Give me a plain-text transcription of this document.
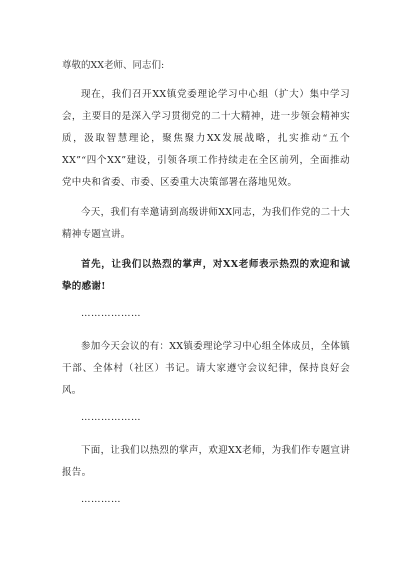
尊敬的XX老师、同志们:
现在，我们召开XX镇党委理论学习中心组（扩大）集中学习会，主要目的是深入学习贯彻党的二十大精神，进一步领会精神实质，汲取智慧理论，聚焦聚力XX发展战略，扎实推动“五个XX”“四个XX”建设，引领各项工作持续走在全区前列，全面推动党中央和省委、市委、区委重大决策部署在落地见效。
今天，我们有幸邀请到高级讲师XX同志，为我们作党的二十大精神专题宣讲。
首先，让我们以热烈的掌声，对XX老师表示热烈的欢迎和诚挚的感谢!
………………
参加今天会议的有：XX镇委理论学习中心组全体成员，全体镇干部、全体村（社区）书记。请大家遵守会议纪律，保持良好会风。
………………
下面，让我们以热烈的掌声，欢迎XX老师，为我们作专题宣讲报告。
…………
